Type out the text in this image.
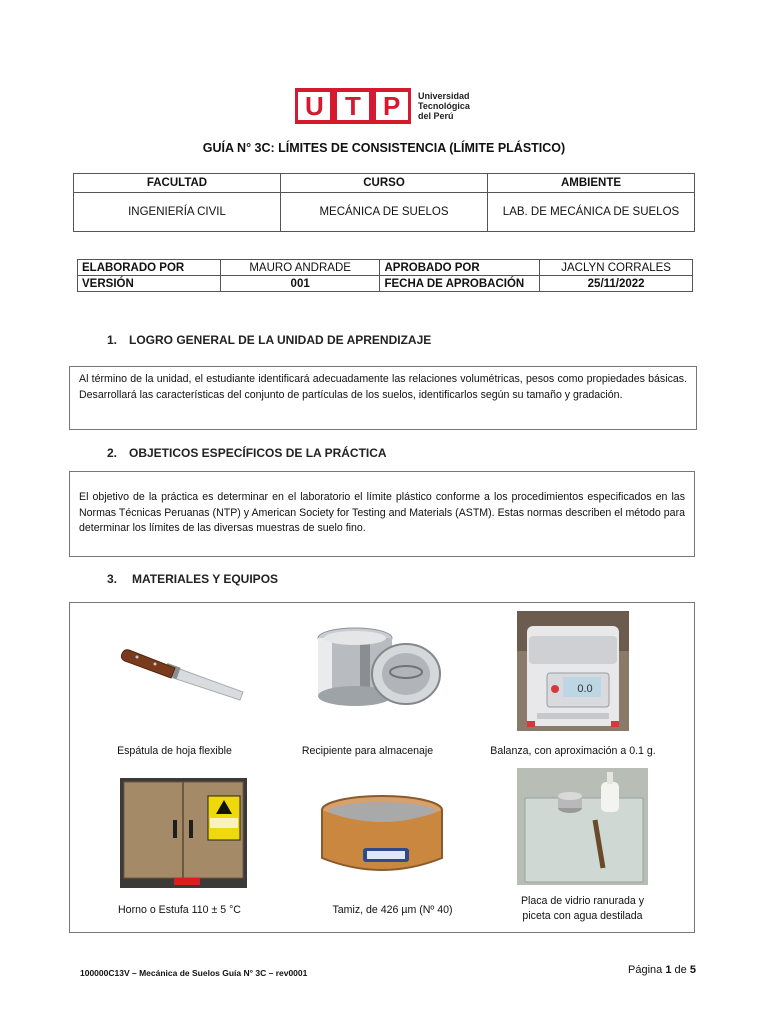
U T P	Universidad
Tecnológica
del Perú
GUÍA N° 3C: LÍMITES DE CONSISTENCIA (LÍMITE PLÁSTICO)
FACULTAD	CURSO	AMBIENTE
INGENIERÍA CIVIL	MECÁNICA DE SUELOS	LAB. DE MECÁNICA DE SUELOS
ELABORADO POR	MAURO ANDRADE	APROBADO POR	JACLYN CORRALES
VERSIÓN	001	FECHA DE APROBACIÓN	25/11/2022
1. LOGRO GENERAL DE LA UNIDAD DE APRENDIZAJE
Al término de la unidad, el estudiante identificará adecuadamente las relaciones volumétricas, pesos como propiedades básicas. Desarrollará las características del conjunto de partículas de los suelos, identificarlos según su tamaño y gradación.
2. OBJETICOS ESPECÍFICOS DE LA PRÁCTICA
El objetivo de la práctica es determinar en el laboratorio el límite plástico conforme a los procedimientos especificados en las Normas Técnicas Peruanas (NTP) y American Society for Testing and Materials (ASTM). Estas normas describen el método para determinar los límites de las diversas muestras de suelo fino.
3. MATERIALES Y EQUIPOS
0.0
Espátula de hoja flexible	Recipiente para almacenaje	Balanza, con aproximación a 0.1 g.
Horno o Estufa 110 ± 5 °C	Tamiz, de 426 µm (Nº 40)
Placa de vidrio ranurada y
piceta con agua destilada
100000C13V – Mecánica de Suelos Guía N° 3C – rev0001	Página 1 de 5
